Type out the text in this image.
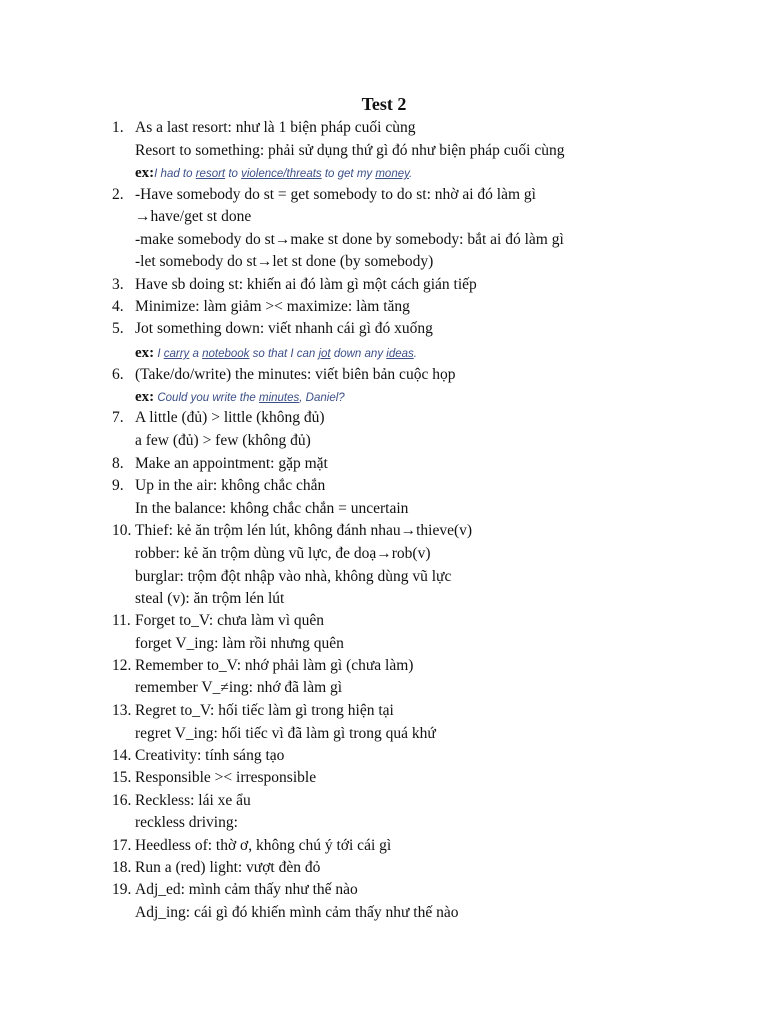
Test 2
1. As a last resort: như là 1 biện pháp cuối cùng
Resort to something: phải sử dụng thứ gì đó như biện pháp cuối cùng
2. -Have somebody do st = get somebody to do st: nhờ ai đó làm gì
→have/get st done
-make somebody do st→make st done by somebody: bắt ai đó làm gì
-let somebody do st→let st done (by somebody)
3. Have sb doing st: khiến ai đó làm gì một cách gián tiếp
4. Minimize: làm giảm >< maximize: làm tăng
5. Jot something down: viết nhanh cái gì đó xuống
6. (Take/do/write) the minutes: viết biên bản cuộc họp
7. A little (đủ) > little (không đủ)
a few (đủ) > few (không đủ)
8. Make an appointment: gặp mặt
9. Up in the air: không chắc chắn
In the balance: không chắc chắn = uncertain
10. Thief: kẻ ăn trộm lén lút, không đánh nhau→thieve(v)
robber: kẻ ăn trộm dùng vũ lực, đe doạ→rob(v)
burglar: trộm đột nhập vào nhà, không dùng vũ lực
steal (v): ăn trộm lén lút
11. Forget to_V: chưa làm vì quên
forget V_ing: làm rồi nhưng quên
12. Remember to_V: nhớ phải làm gì (chưa làm)
remember V_≠ing: nhớ đã làm gì
13. Regret to_V: hối tiếc làm gì trong hiện tại
regret V_ing: hối tiếc vì đã làm gì trong quá khứ
14. Creativity: tính sáng tạo
15. Responsible >< irresponsible
16. Reckless: lái xe ẩu
reckless driving:
17. Heedless of: thờ ơ, không chú ý tới cái gì
18. Run a (red) light: vượt đèn đỏ
19. Adj_ed: mình cảm thấy như thế nào
Adj_ing: cái gì đó khiến mình cảm thấy như thế nào
ex:I had to resort to violence/threats to get my money.
ex: I carry a notebook so that I can jot down any ideas.
ex: Could you write the minutes, Daniel?
